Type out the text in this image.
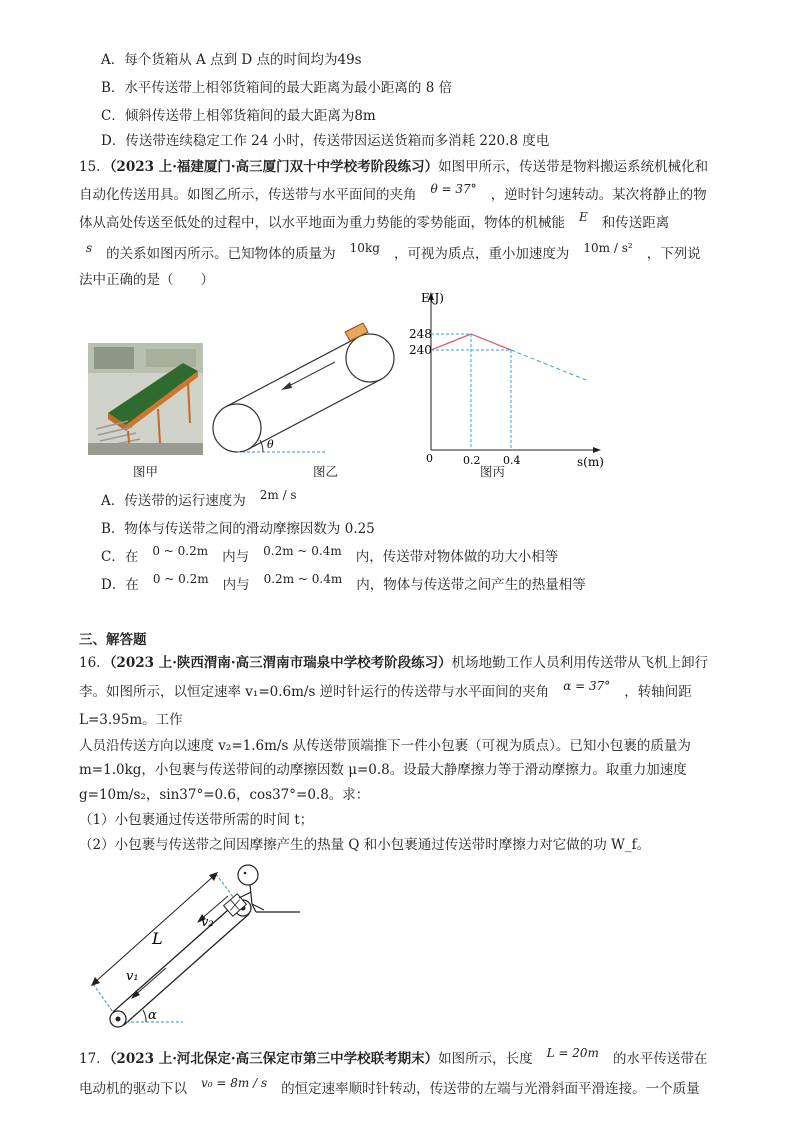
A．每个货箱从 A 点到 D 点的时间均为49s
B．水平传送带上相邻货箱间的最大距离为最小距离的 8 倍
C．倾斜传送带上相邻货箱间的最大距离为8m
D．传送带连续稳定工作 24 小时，传送带因运送货箱而多消耗 220.8 度电
15．（2023 上·福建厦门·高三厦门双十中学校考阶段练习）如图甲所示，传送带是物料搬运系统机械化和
自动化传送用具。如图乙所示，传送带与水平面间的夹角 θ = 37° ，逆时针匀速转动。某次将静止的物
体从高处传送至低处的过程中，以水平地面为重力势能的零势能面，物体的机械能 E 和传送距离
s 的关系如图丙所示。已知物体的质量为 10kg ，可视为质点，重小加速度为 10m / s² ，下列说
法中正确的是（　　）
图甲
θ
图乙
E(J)
s(m)
0
248
240
0.2 0.4
图丙
A．传送带的运行速度为 2m / s
B．物体与传送带之间的滑动摩擦因数为 0.25
C．在 0 ~ 0.2m 内与 0.2m ~ 0.4m 内，传送带对物体做的功大小相等
D．在 0 ~ 0.2m 内与 0.2m ~ 0.4m 内，物体与传送带之间产生的热量相等
三、解答题
16．（2023 上·陕西渭南·高三渭南市瑞泉中学校考阶段练习）机场地勤工作人员利用传送带从飞机上卸行
李。如图所示，以恒定速率 v₁=0.6m/s 逆时针运行的传送带与水平面间的夹角 α = 37° ，转轴间距
L=3.95m。工作
人员沿传送方向以速度 v₂=1.6m/s 从传送带顶端推下一件小包裹（可视为质点）。已知小包裹的质量为
m=1.0kg，小包裹与传送带间的动摩擦因数 μ=0.8。设最大静摩擦力等于滑动摩擦力。取重力加速度
g=10m/s₂，sin37°=0.6，cos37°=0.8。求：
（1）小包裹通过传送带所需的时间 t；
（2）小包裹与传送带之间因摩擦产生的热量 Q 和小包裹通过传送带时摩擦力对它做的功 W_f。
L
v₁
v₂
α
17．（2023 上·河北保定·高三保定市第三中学校联考期末）如图所示，长度 L = 20m 的水平传送带在
电动机的驱动下以 v₀ = 8m / s 的恒定速率顺时针转动，传送带的左端与光滑斜面平滑连接。一个质量
